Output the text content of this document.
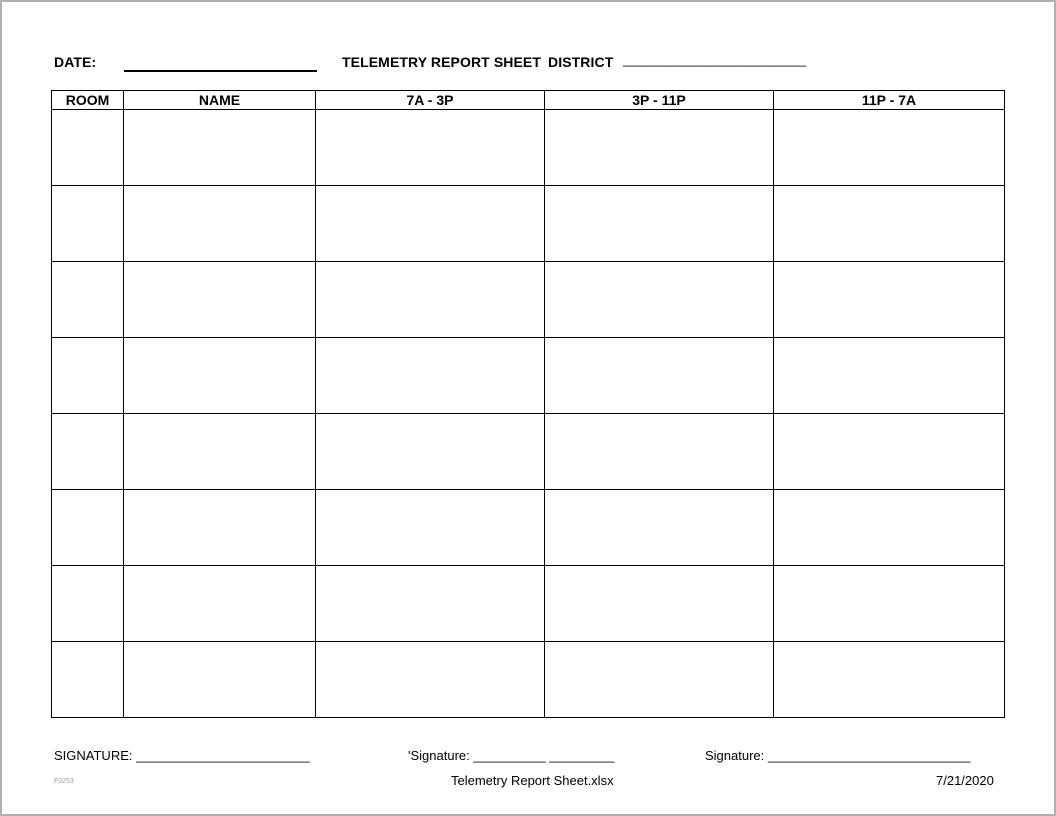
DATE:	TELEMETRY REPORT SHEET DISTRICT _________________________
ROOM	NAME	7A - 3P	3P - 11P	11P - 7A

SIGNATURE: ________________________	'Signature: __________ _________	Signature: ____________________________
F0253	Telemetry Report Sheet.xlsx	7/21/2020
